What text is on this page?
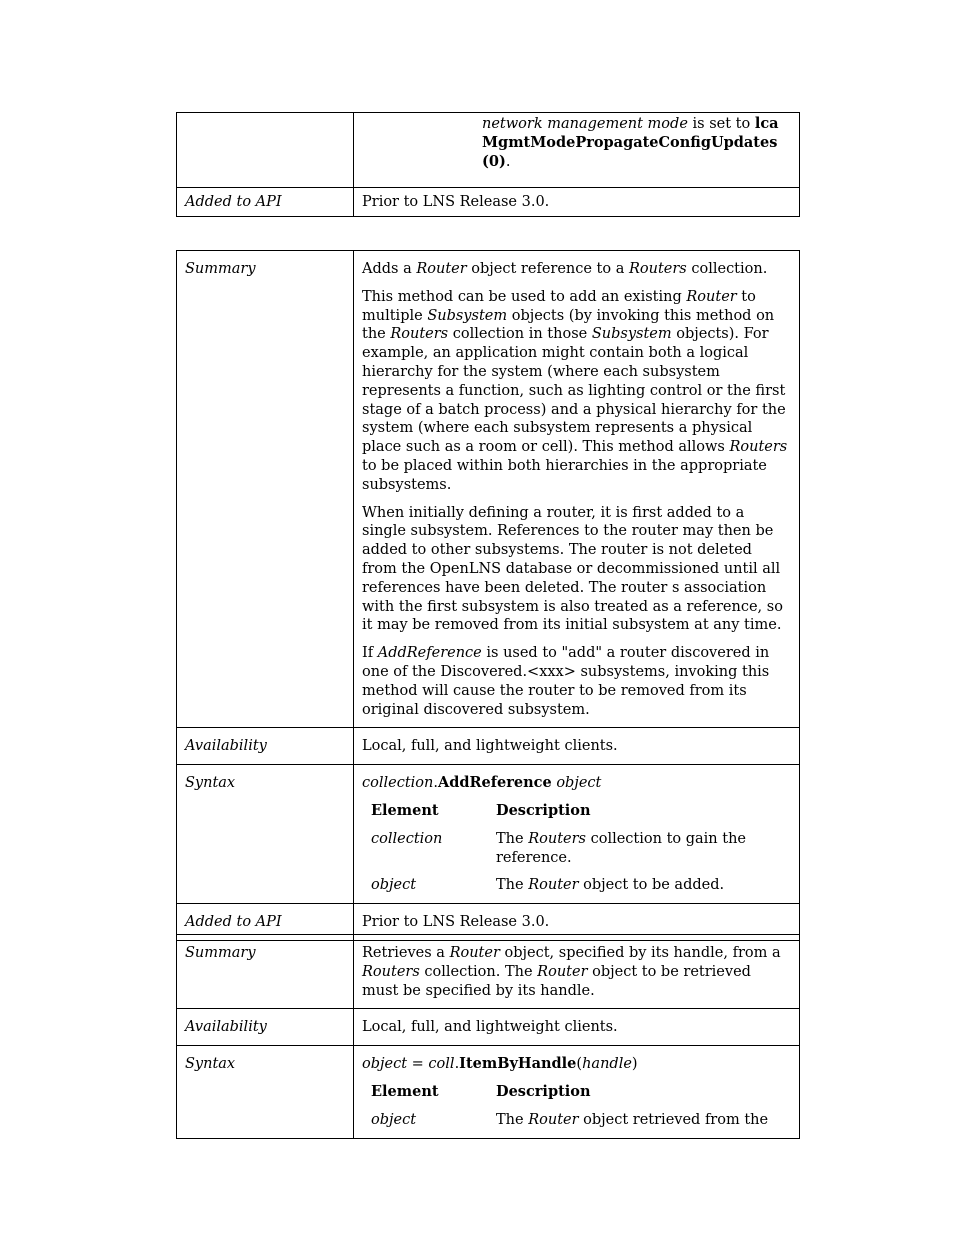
	network management mode is set to lcaMgmtModePropagateConfigUpdates (0).
Added to API	Prior to LNS Release 3.0.
Summary	Adds a Router object reference to a Routers collection.

This method can be used to add an existing Router to multiple Subsystem objects (by invoking this method on the Routers collection in those Subsystem objects). For example, an application might contain both a logical hierarchy for the system (where each subsystem represents a function, such as lighting control or the first stage of a batch process) and a physical hierarchy for the system (where each subsystem represents a physical place such as a room or cell). This method allows Routers to be placed within both hierarchies in the appropriate subsystems.

When initially defining a router, it is first added to a single subsystem. References to the router may then be added to other subsystems. The router is not deleted from the OpenLNS database or decommissioned until all references have been deleted. The router s association with the first subsystem is also treated as a reference, so it may be removed from its initial subsystem at any time.

If AddReference is used to "add" a router discovered in one of the Discovered.<xxx> subsystems, invoking this method will cause the router to be removed from its original discovered subsystem.

Availability	Local, full, and lightweight clients.
Syntax	collection.AddReference object
Element	Description
collection	The Routers collection to gain the reference.
object	The Router object to be added.

Added to API	Prior to LNS Release 3.0.
Summary	Retrieves a Router object, specified by its handle, from a Routers collection. The Router object to be retrieved must be specified by its handle.
Availability	Local, full, and lightweight clients.
Syntax	object = coll.ItemByHandle(handle)
Element	Description
object	The Router object retrieved from the
